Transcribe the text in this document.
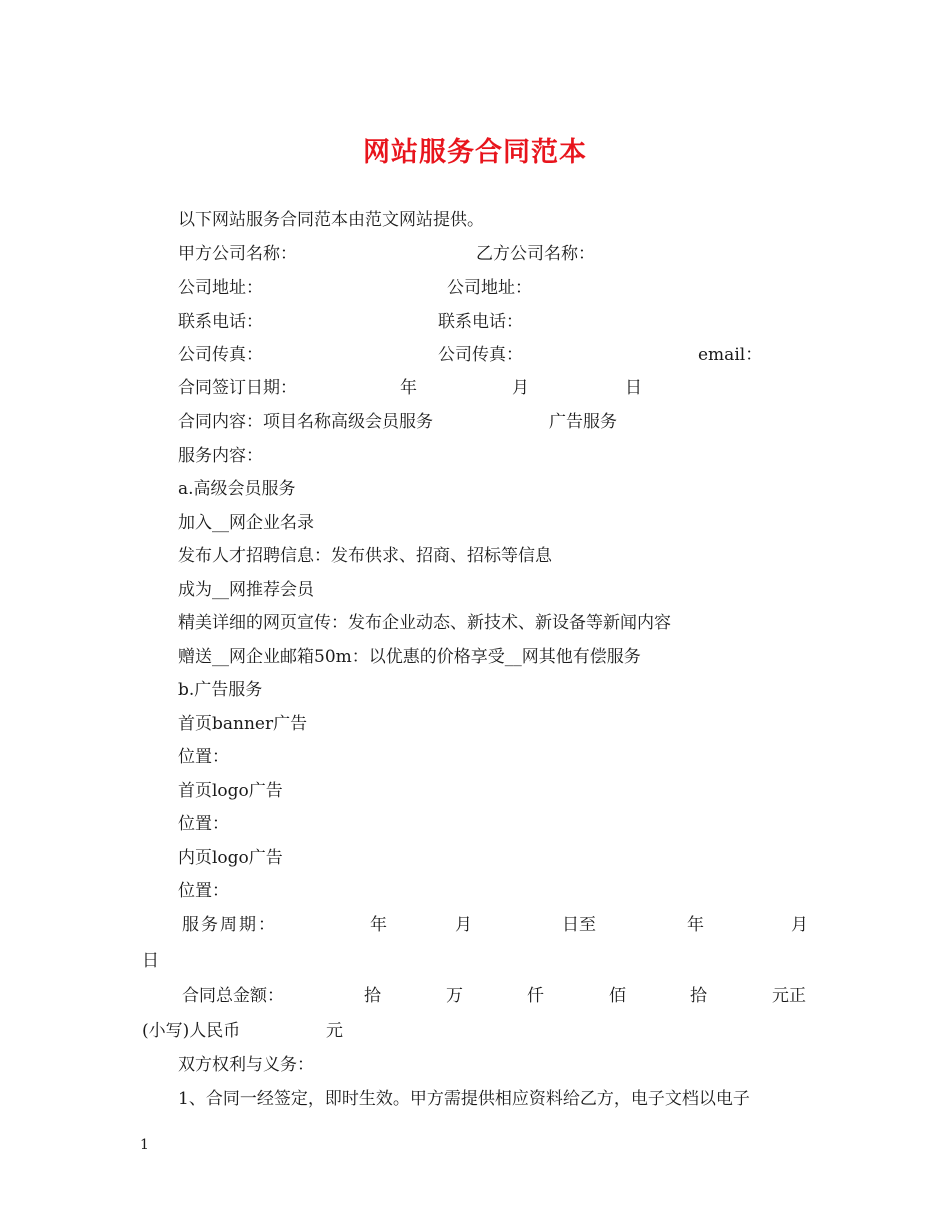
网站服务合同范本
以下网站服务合同范本由范文网站提供。
甲方公司名称：	乙方公司名称：
公司地址：	公司地址：
联系电话：	联系电话：
公司传真：	公司传真：	email：
合同签订日期：	年	月	日
合同内容：项目名称高级会员服务	广告服务
服务内容：
a.高级会员服务
加入__网企业名录
发布人才招聘信息：发布供求、招商、招标等信息
成为__网推荐会员
精美详细的网页宣传：发布企业动态、新技术、新设备等新闻内容
赠送__网企业邮箱50m：以优惠的价格享受__网其他有偿服务
b.广告服务
首页banner广告
位置：
首页logo广告
位置：
内页logo广告
位置：
服务周期：	年	月	日至	年	月
日
合同总金额：	拾	万	仟	佰	拾	元正
(小写)人民币	元
双方权利与义务：
1、合同一经签定，即时生效。甲方需提供相应资料给乙方，电子文档以电子
1
